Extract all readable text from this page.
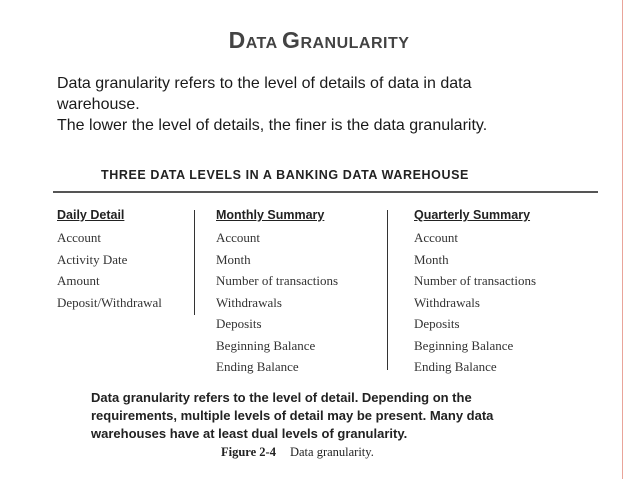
DATA GRANULARITY
Data granularity refers to the level of details of data in data
warehouse.
The lower the level of details, the finer is the data granularity.
THREE DATA LEVELS IN A BANKING DATA WAREHOUSE
Daily Detail
Account
Activity Date
Amount
Deposit/Withdrawal
Monthly Summary
Account
Month
Number of transactions
Withdrawals
Deposits
Beginning Balance
Ending Balance
Quarterly Summary
Account
Month
Number of transactions
Withdrawals
Deposits
Beginning Balance
Ending Balance
Data granularity refers to the level of detail. Depending on the
requirements, multiple levels of detail may be present. Many data
warehouses have at least dual levels of granularity.
Figure 2-4 Data granularity.
